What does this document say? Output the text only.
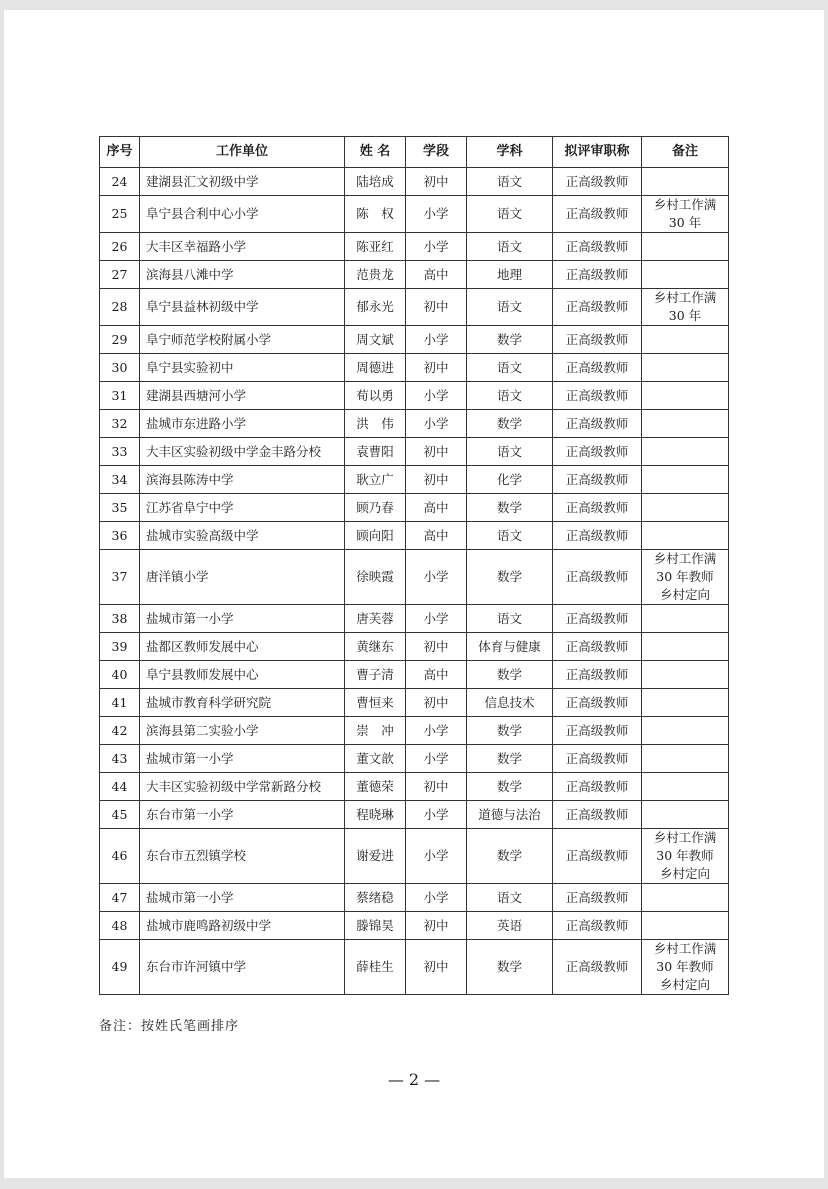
序号	工作单位	姓 名	学段	学科	拟评审职称	备注
24	建湖县汇文初级中学	陆培成	初中	语文	正高级教师	
25	阜宁县合利中心小学	陈　权	小学	语文	正高级教师	乡村工作满
30 年
26	大丰区幸福路小学	陈亚红	小学	语文	正高级教师	
27	滨海县八滩中学	范贵龙	高中	地理	正高级教师	
28	阜宁县益林初级中学	郁永光	初中	语文	正高级教师	乡村工作满
30 年
29	阜宁师范学校附属小学	周文斌	小学	数学	正高级教师	
30	阜宁县实验初中	周德进	初中	语文	正高级教师	
31	建湖县西塘河小学	荀以勇	小学	语文	正高级教师	
32	盐城市东进路小学	洪　伟	小学	数学	正高级教师	
33	大丰区实验初级中学金丰路分校	袁曹阳	初中	语文	正高级教师	
34	滨海县陈涛中学	耿立广	初中	化学	正高级教师	
35	江苏省阜宁中学	顾乃春	高中	数学	正高级教师	
36	盐城市实验高级中学	顾向阳	高中	语文	正高级教师	
37	唐洋镇小学	徐映霞	小学	数学	正高级教师	乡村工作满
30 年教师
乡村定向
38	盐城市第一小学	唐芙蓉	小学	语文	正高级教师	
39	盐都区教师发展中心	黄继东	初中	体育与健康	正高级教师	
40	阜宁县教师发展中心	曹子清	高中	数学	正高级教师	
41	盐城市教育科学研究院	曹恒来	初中	信息技术	正高级教师	
42	滨海县第二实验小学	崇　冲	小学	数学	正高级教师	
43	盐城市第一小学	董文歆	小学	数学	正高级教师	
44	大丰区实验初级中学常新路分校	董德荣	初中	数学	正高级教师	
45	东台市第一小学	程晓琳	小学	道德与法治	正高级教师	
46	东台市五烈镇学校	谢爱进	小学	数学	正高级教师	乡村工作满
30 年教师
乡村定向
47	盐城市第一小学	蔡绪稳	小学	语文	正高级教师	
48	盐城市鹿鸣路初级中学	滕锦昊	初中	英语	正高级教师	
49	东台市许河镇中学	薛桂生	初中	数学	正高级教师	乡村工作满
30 年教师
乡村定向
备注：按姓氏笔画排序
— 2 —
